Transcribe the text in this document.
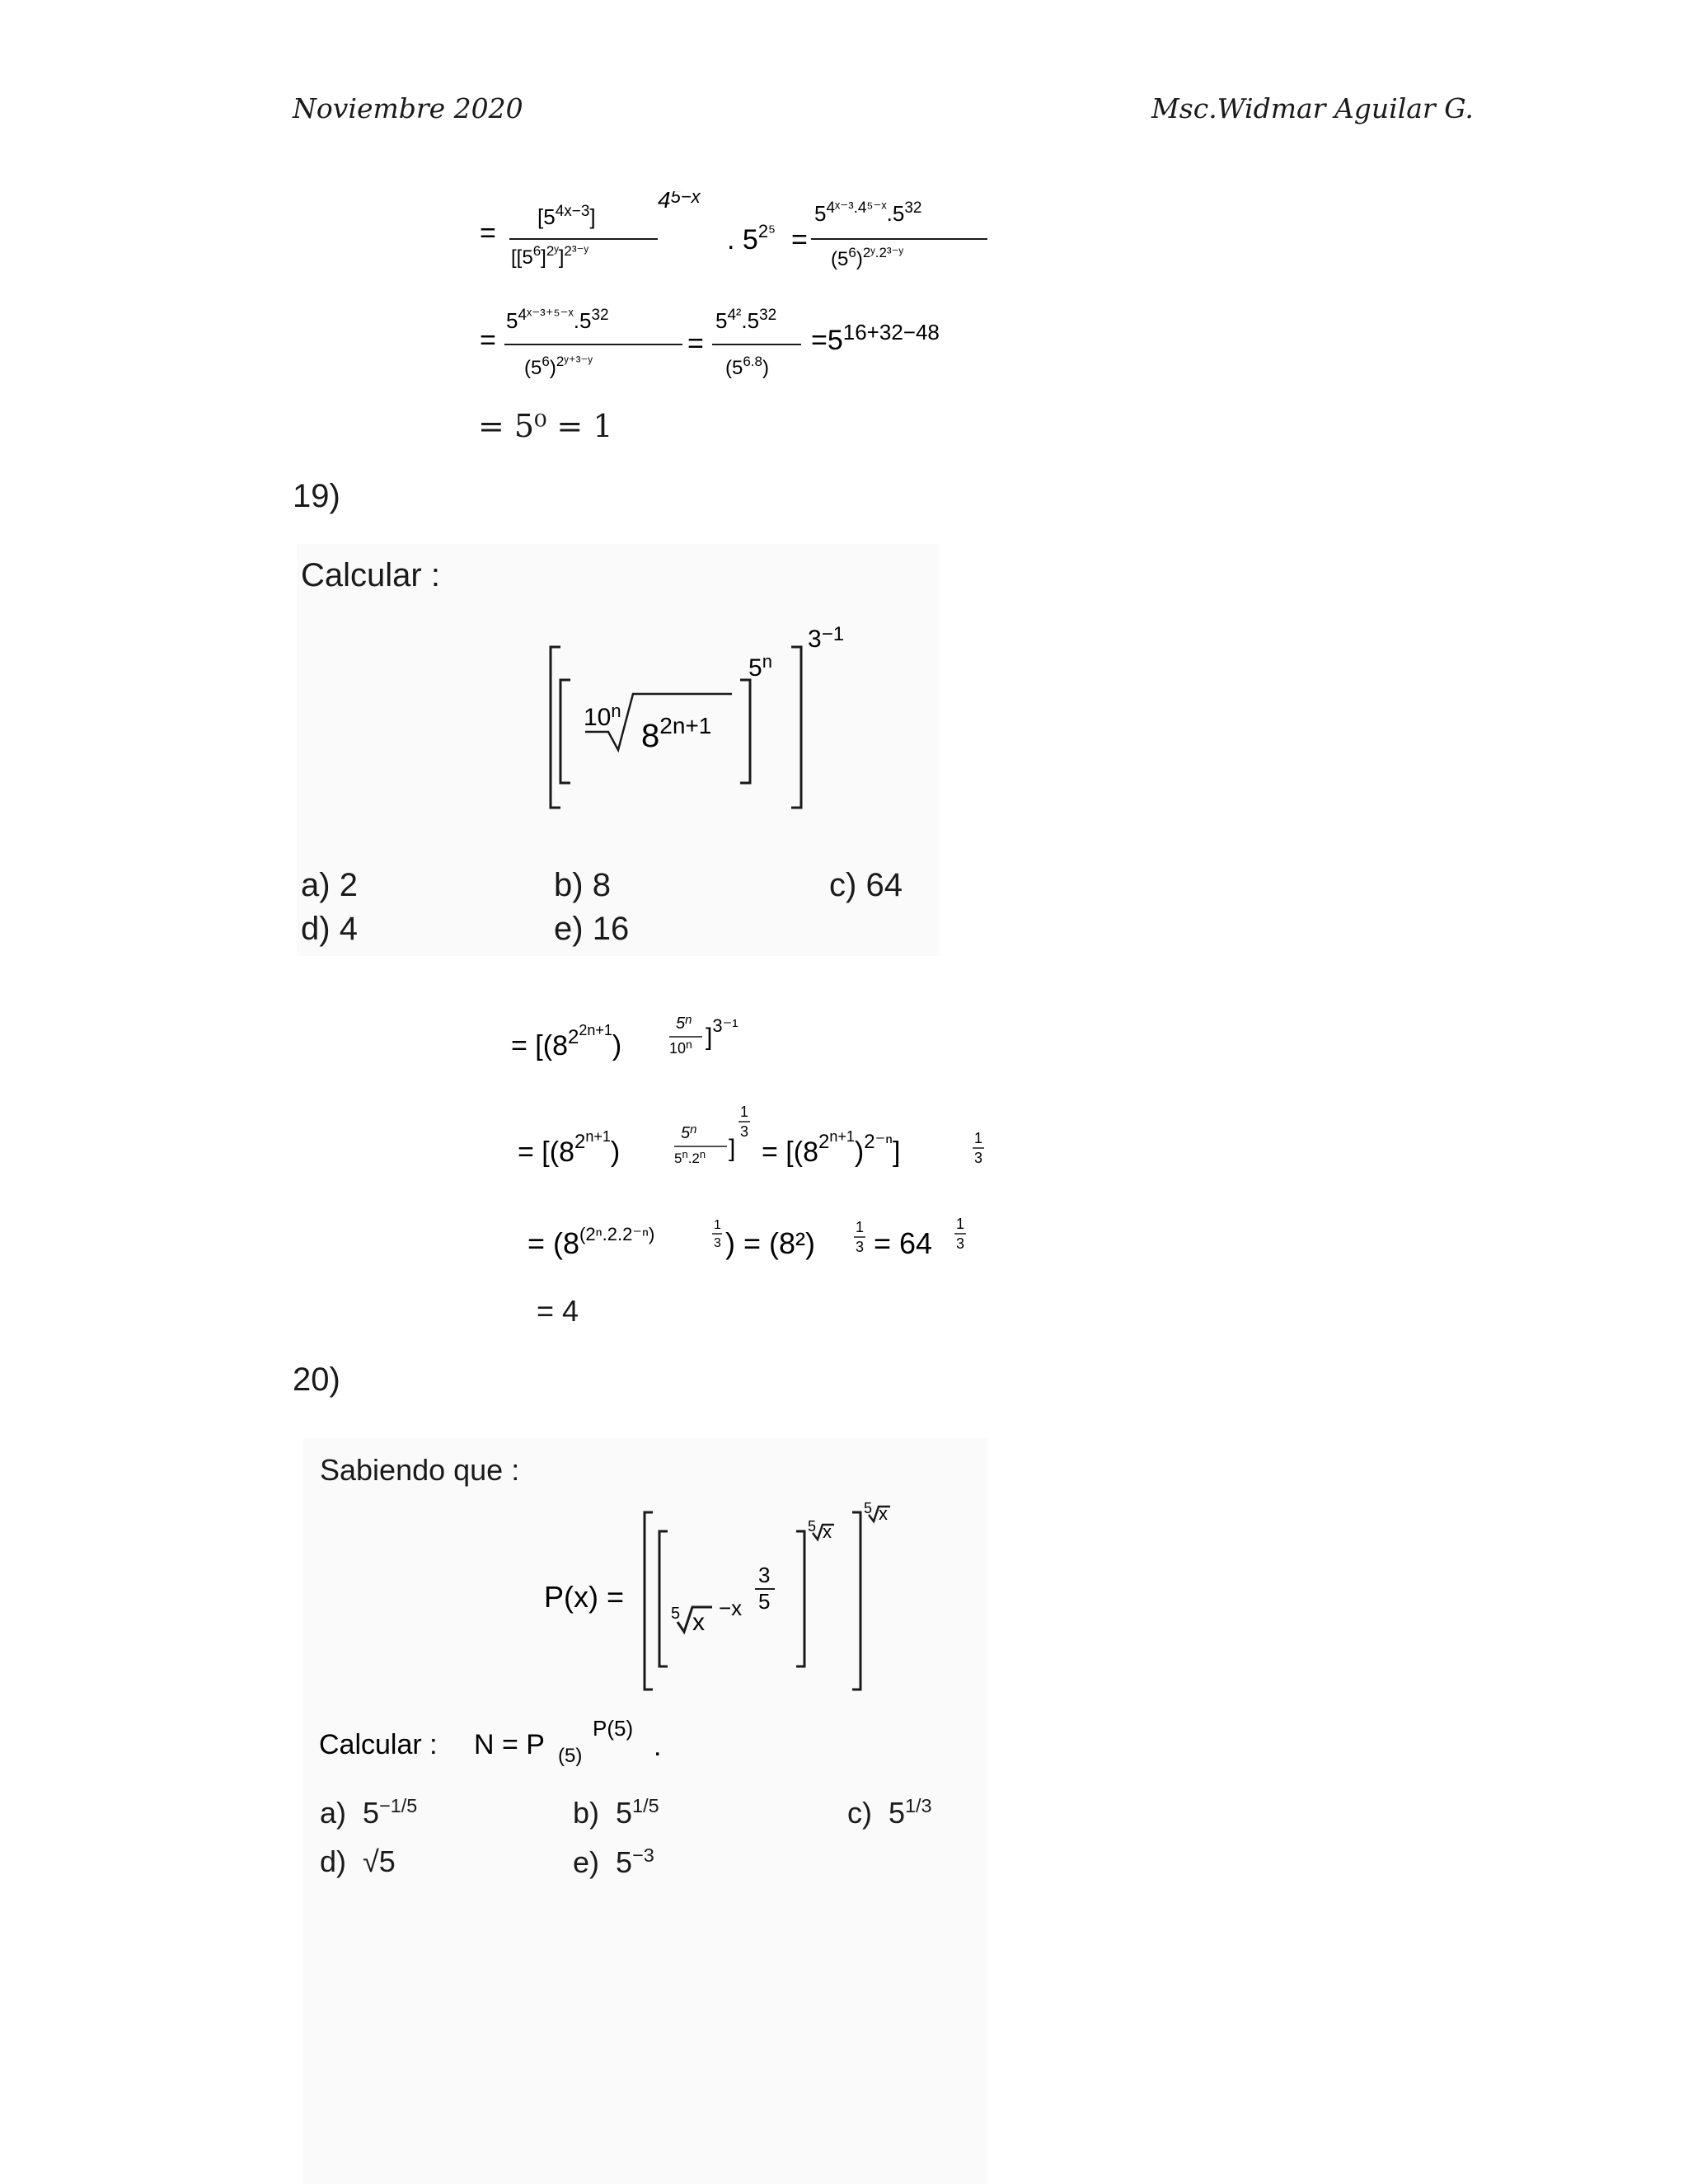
Noviembre 2020	Msc.Widmar Aguilar G.
=
$[5^{4x-3}]$
$[[5^6]^{2ʸ}]^{2^{3-}ʸ}$
$4^{5-x}$
. $5^{2^5}$ =
$5^{4ˣ^{-3}.4^{5-}ˣ}.5^{32}$
$(5^6)^{2ʸ.2^{3-}ʸ}$
=
$5^{4ˣ^{-3+5-}ˣ}.5^{32}$
$(5^6)^{2ʸ^{+3-}ʸ}$
=
$5^{4^2}.5^{32}$
$(5^{6.8})$
$=5^{16+32-48}$
= 5⁰ = 1
19)
Calcular :
10$^n$
$8^{2n+1}$
5$^n$
$3^{-1}$
a) 2	b) 8	c) 64
d) 4	e) 16
= [$(8^{22n+1})$
5$^n$
10$^n$ ]$^{3^{-1}}$
= [$(8^{2n+1})$
5$^n$
5$^n$.2$^n$ ]
1
3
= $[(8^{2n+1})^{2^{-n}}]$	1
3
= ($8^{(2^n.2.2^{-n})}$	1
3 ) = (8²)	1
3 = 64
1
3
= 4
20)
Sabiendo que :
P(x) =	5 x
−x
3
5
5 x
5 x
Calcular : N = P (5)
P(5)
.
a) $5^{-1/5}$	b) $5^{1/5}$	c) $5^{1/3}$
d) √5	e) $5^{-3}$
